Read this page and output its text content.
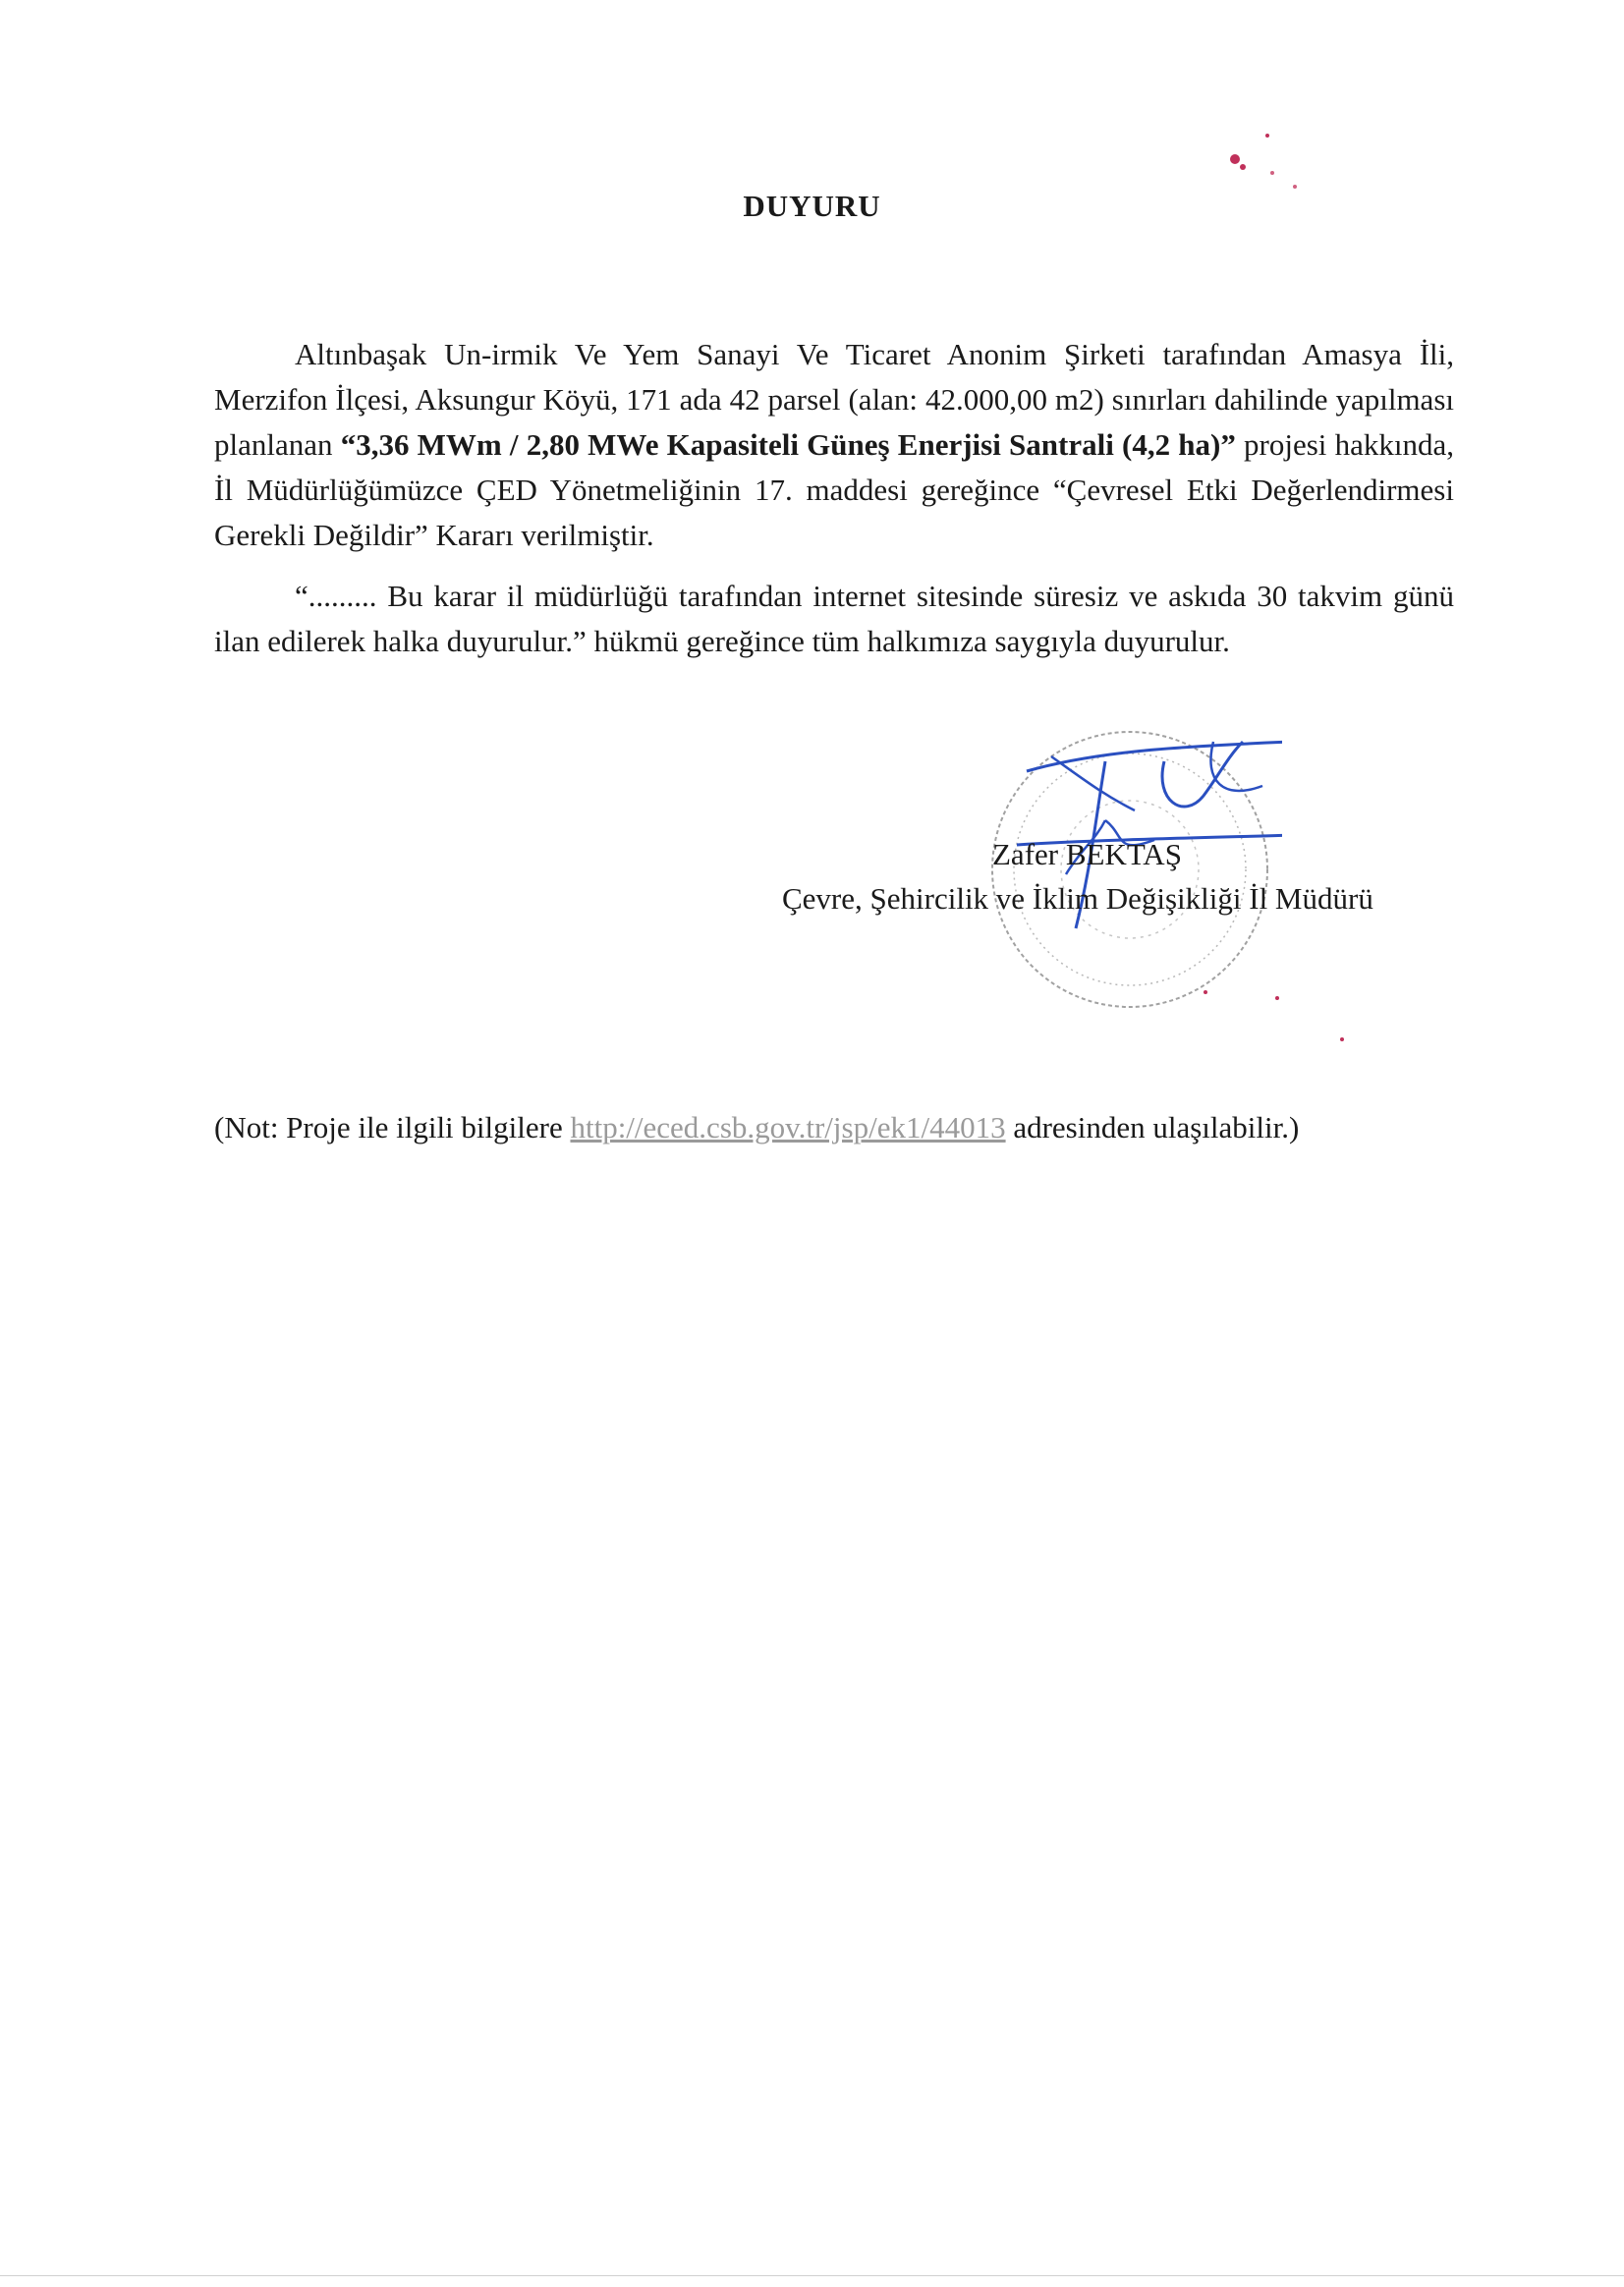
DUYURU
Altınbaşak Un-irmik Ve Yem Sanayi Ve Ticaret Anonim Şirketi tarafından Amasya İli, Merzifon İlçesi, Aksungur Köyü, 171 ada 42 parsel (alan: 42.000,00 m2) sınırları dahilinde yapılması planlanan “3,36 MWm / 2,80 MWe Kapasiteli Güneş Enerjisi Santrali (4,2 ha)” projesi hakkında, İl Müdürlüğümüzce ÇED Yönetmeliğinin 17. maddesi gereğince “Çevresel Etki Değerlendirmesi Gerekli Değildir” Kararı verilmiştir.
“......... Bu karar il müdürlüğü tarafından internet sitesinde süresiz ve askıda 30 takvim günü ilan edilerek halka duyurulur.” hükmü gereğince tüm halkımıza saygıyla duyurulur.
Zafer BEKTAŞ
Çevre, Şehircilik ve İklim Değişikliği İl Müdürü
(Not: Proje ile ilgili bilgilere http://eced.csb.gov.tr/jsp/ek1/44013 adresinden ulaşılabilir.)
